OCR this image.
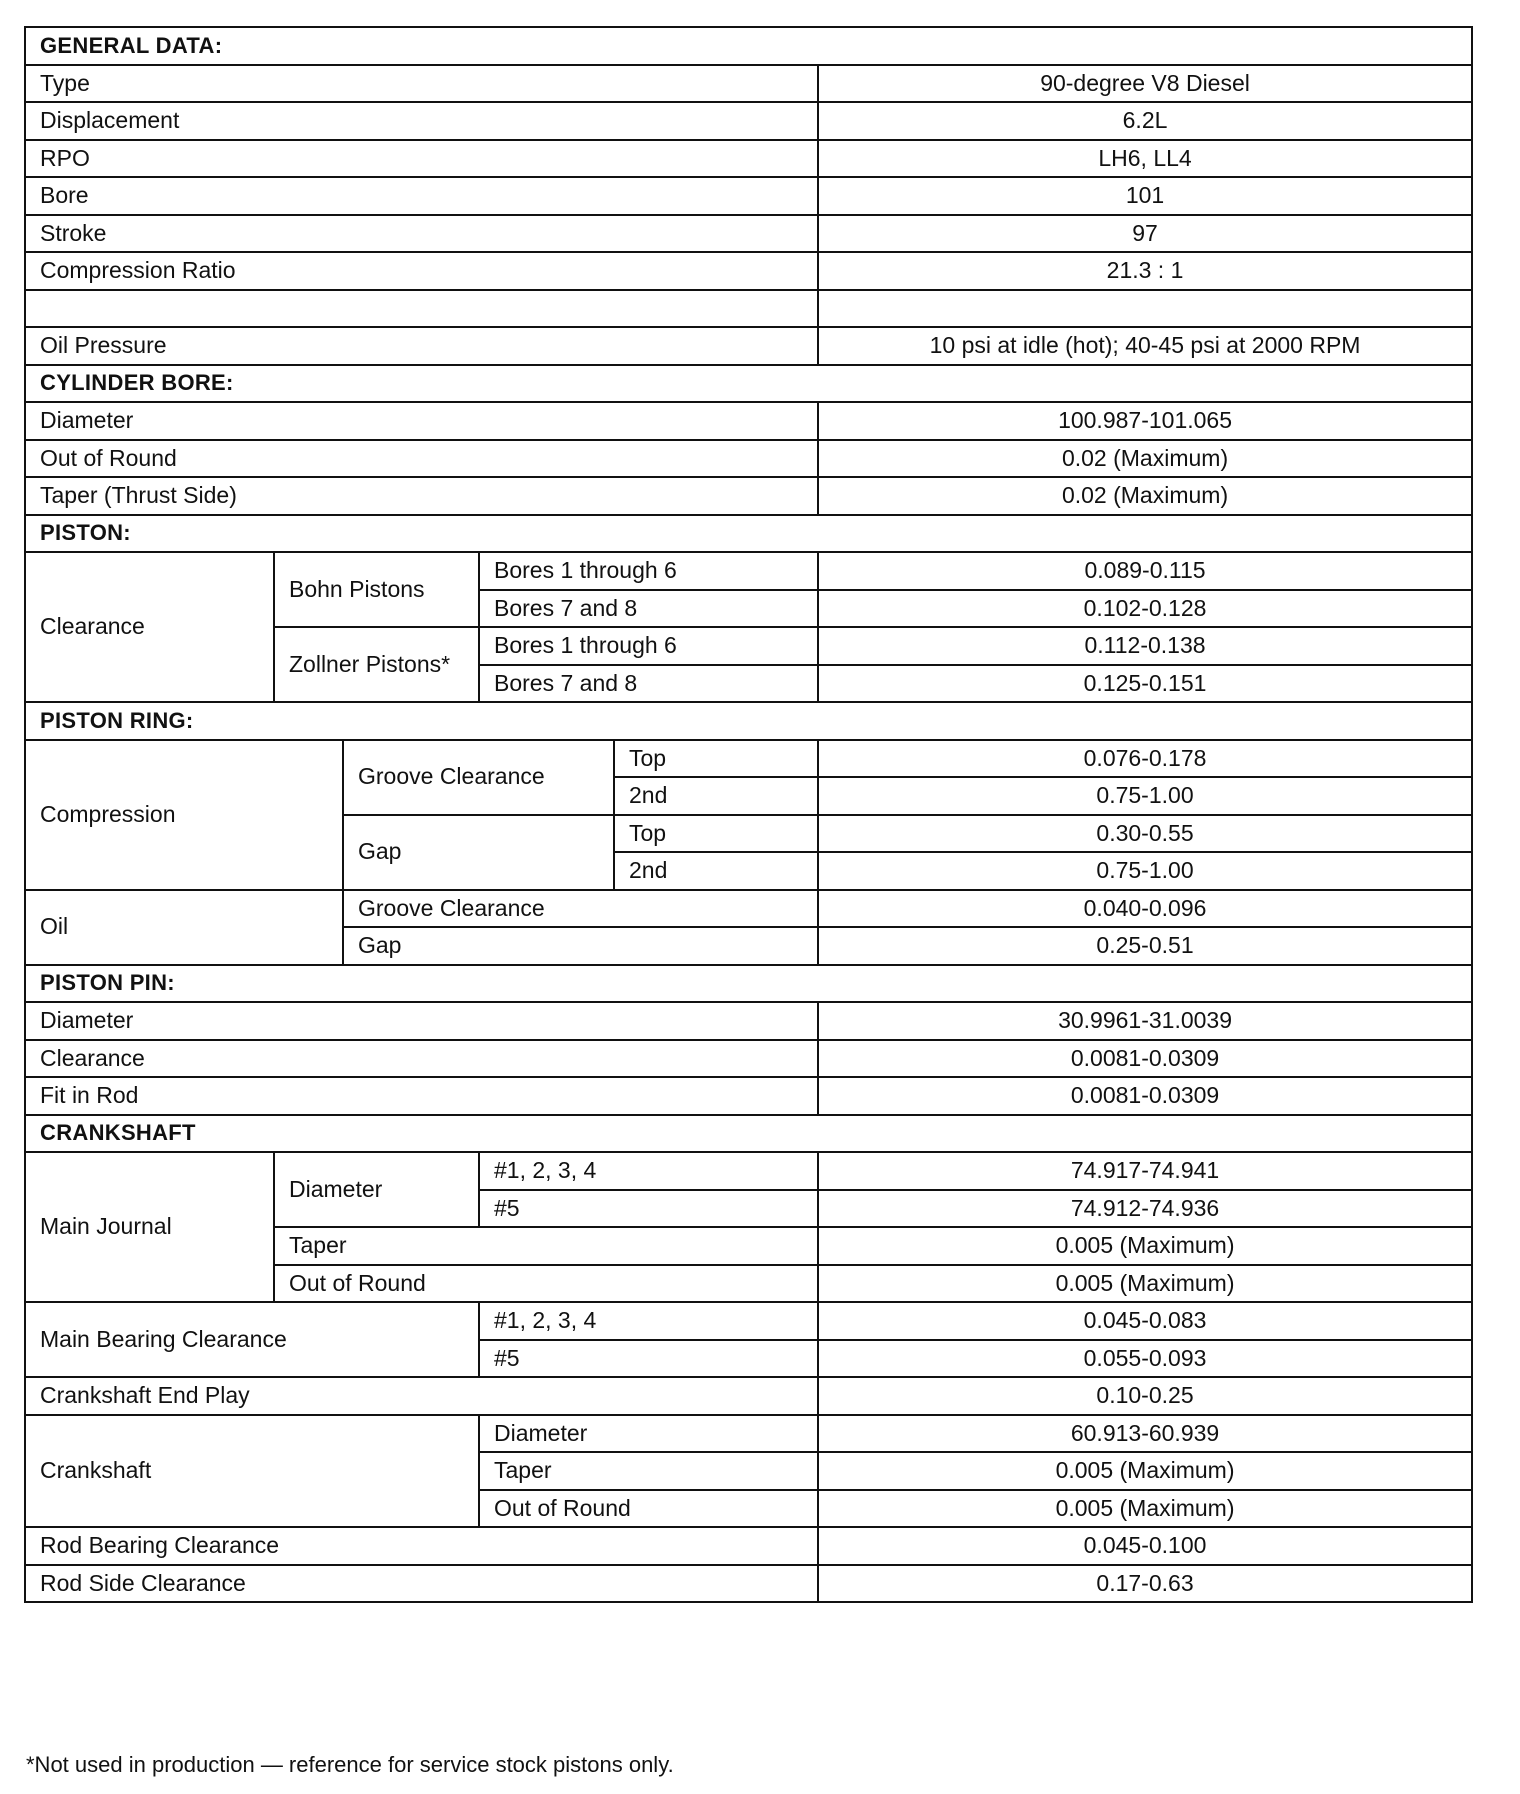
GENERAL DATA:					
Type					90-degree V8 Diesel
Displacement					6.2L
RPO					LH6, LL4
Bore					101
Stroke					97
Compression Ratio					21.3 : 1

Oil Pressure					10 psi at idle (hot); 40-45 psi at 2000 RPM
CYLINDER BORE:					
Diameter					100.987-101.065
Out of Round					0.02 (Maximum)
Taper (Thrust Side)					0.02 (Maximum)
PISTON:					
Clearance	Bohn Pistons		Bores 1 through 6		0.089-0.115
			Bores 7 and 8		0.102-0.128
	Zollner Pistons*		Bores 1 through 6		0.112-0.138
			Bores 7 and 8		0.125-0.151
PISTON RING:					
Compression		Groove Clearance		Top	0.076-0.178
				2nd	0.75-1.00
		Gap		Top	0.30-0.55
				2nd	0.75-1.00
Oil		Groove Clearance			0.040-0.096
		Gap			0.25-0.51
PISTON PIN:					
Diameter					30.9961-31.0039
Clearance					0.0081-0.0309
Fit in Rod					0.0081-0.0309
CRANKSHAFT					
Main Journal	Diameter		#1, 2, 3, 4		74.917-74.941
			#5		74.912-74.936
	Taper				0.005 (Maximum)
	Out of Round				0.005 (Maximum)
Main Bearing Clearance			#1, 2, 3, 4		0.045-0.083
			#5		0.055-0.093
Crankshaft End Play					0.10-0.25
Crankshaft			Diameter		60.913-60.939
			Taper		0.005 (Maximum)
			Out of Round		0.005 (Maximum)
Rod Bearing Clearance					0.045-0.100
Rod Side Clearance					0.17-0.63
*Not used in production — reference for service stock pistons only.
